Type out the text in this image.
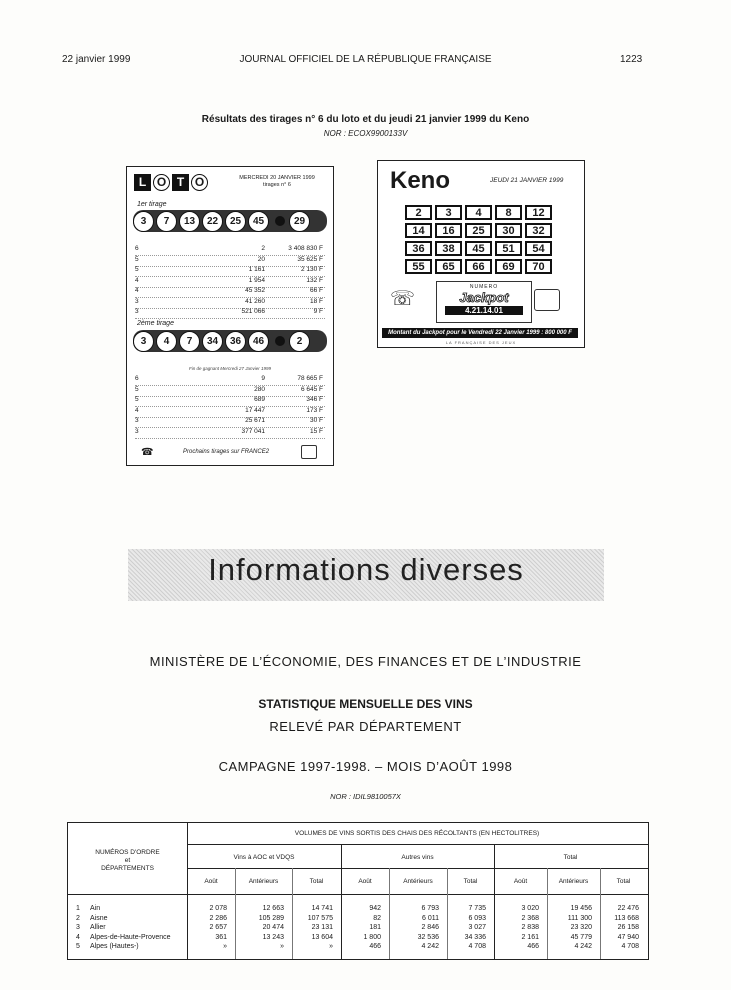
22 janvier 1999	JOURNAL OFFICIEL DE LA RÉPUBLIQUE FRANÇAISE	1223
Résultats des tirages n° 6 du loto et du jeudi 21 janvier 1999 du Keno
NOR : ECOX9900133V
L O T O	MERCREDI 20 JANVIER 1999
tirages n° 6
1er tirage
3	7	13	22	25	45	29
6	2	3 408 830 F
5	20	35 625 F
5	1 161	2 130 F
4	1 954	132 F
4	45 352	66 F
3	41 260	18 F
3	521 066	9 F
2ème tirage
3	4	7	34	36	46	2
Fin de gagnant Mercredi 27 Janvier 1999
6	9	78 665 F
5	280	6 645 F
5	689	346 F
4	17 447	173 F
3	25 671	30 F
3	377 041	15 F
☎	Prochains tirages sur FRANCE2
Keno	JEUDI 21 JANVIER 1999
2	3	4	8	12
14	16	25	30	32
36	38	45	51	54
55	65	66	69	70
☏
NUMERO
Jackpot
4.21.14.01
Montant du Jackpot pour le Vendredi 22 Janvier 1999 : 800 000 F
LA FRANÇAISE DES JEUX
Informations diverses
MINISTÈRE DE L’ÉCONOMIE, DES FINANCES ET DE L’INDUSTRIE
STATISTIQUE MENSUELLE DES VINS
RELEVÉ PAR DÉPARTEMENT
CAMPAGNE 1997-1998. – MOIS D’AOÛT 1998
NOR : IDIL9810057X
NUMÉROS D'ORDRE
et
DÉPARTEMENTS
VOLUMES DE VINS SORTIS DES CHAIS DES RÉCOLTANTS (EN HECTOLITRES)
Vins à AOC et VDQS	Autres vins	Total
Août	Antérieurs	Total	Août	Antérieurs	Total	Août	Antérieurs	Total
1 Ain	2 078	12 663	14 741	942	6 793	7 735	3 020	19 456	22 476
2 Aisne	2 286	105 289	107 575	82	6 011	6 093	2 368	111 300	113 668
3 Allier	2 657	20 474	23 131	181	2 846	3 027	2 838	23 320	26 158
4 Alpes-de-Haute-Provence	361	13 243	13 604	1 800	32 536	34 336	2 161	45 779	47 940
5 Alpes (Hautes-)	»	»	»	466	4 242	4 708	466	4 242	4 708
